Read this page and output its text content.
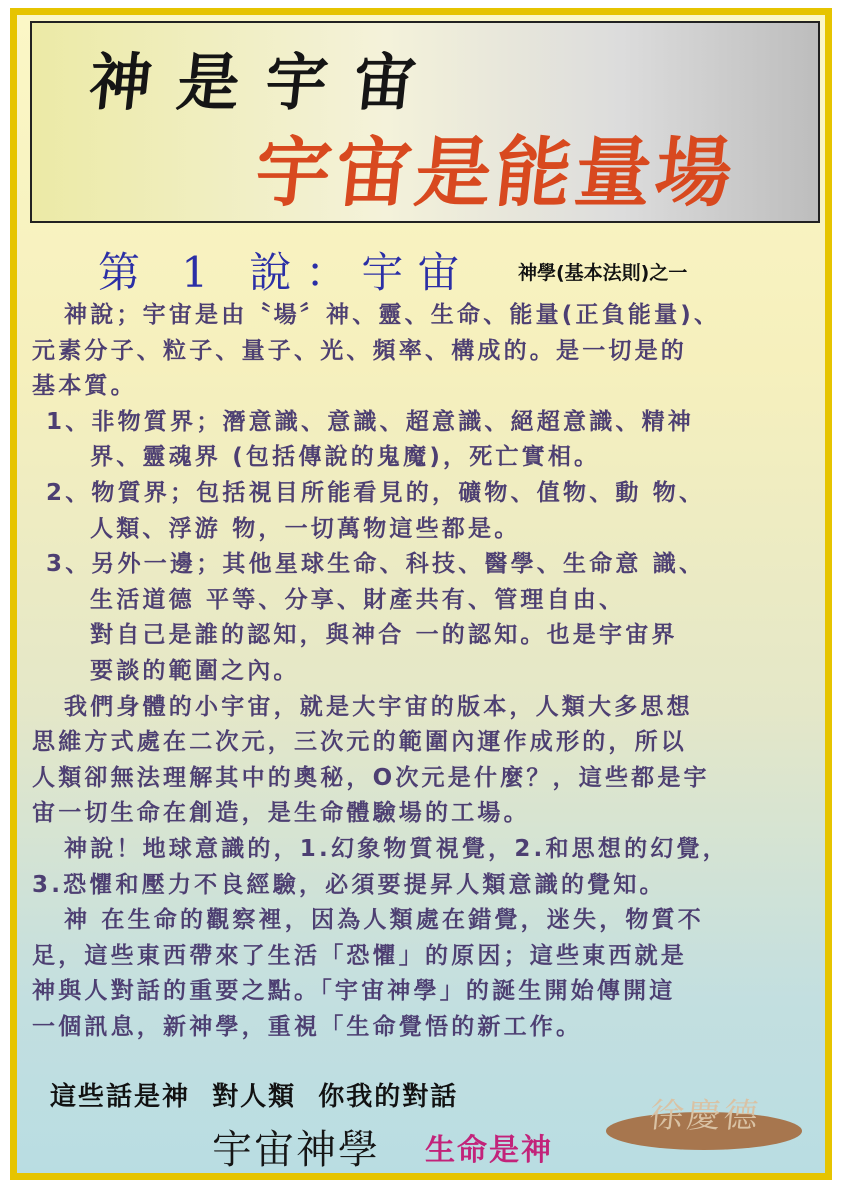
神是宇宙
宇宙是能量場
第 1 說：宇宙 神學(基本法則)之一
神說；宇宙是由〝場〞神、靈、生命、能量(正負能量)、
元素分子、粒子、量子、光、頻率、構成的。是一切是的
基本質。
1、非物質界；潛意識、意識、超意識、絕超意識、精神
界、靈魂界 (包括傳說的鬼魔)，死亡實相。
2、物質界；包括視目所能看見的，礦物、值物、動 物、
人類、浮游 物，一切萬物這些都是。
3、另外一邊；其他星球生命、科技、醫學、生命意 識、
生活道德 平等、分享、財產共有、管理自由、
對自己是誰的認知，與神合 一的認知。也是宇宙界
要談的範圍之內。
我們身體的小宇宙，就是大宇宙的版本，人類大多思想
思維方式處在二次元，三次元的範圍內運作成形的，所以
人類卻無法理解其中的奧秘，O次元是什麼？，這些都是宇
宙一切生命在創造，是生命體驗場的工場。
神說！地球意識的，1.幻象物質視覺，2.和思想的幻覺，
3.恐懼和壓力不良經驗，必須要提昇人類意識的覺知。
神 在生命的觀察裡，因為人類處在錯覺，迷失，物質不
足，這些東西帶來了生活「恐懼」的原因；這些東西就是
神與人對話的重要之點。「宇宙神學」的誕生開始傳開這
一個訊息，新神學，重視「生命覺悟的新工作。
這些話是神  對人類  你我的對話
宇宙神學 生命是神
徐慶德
